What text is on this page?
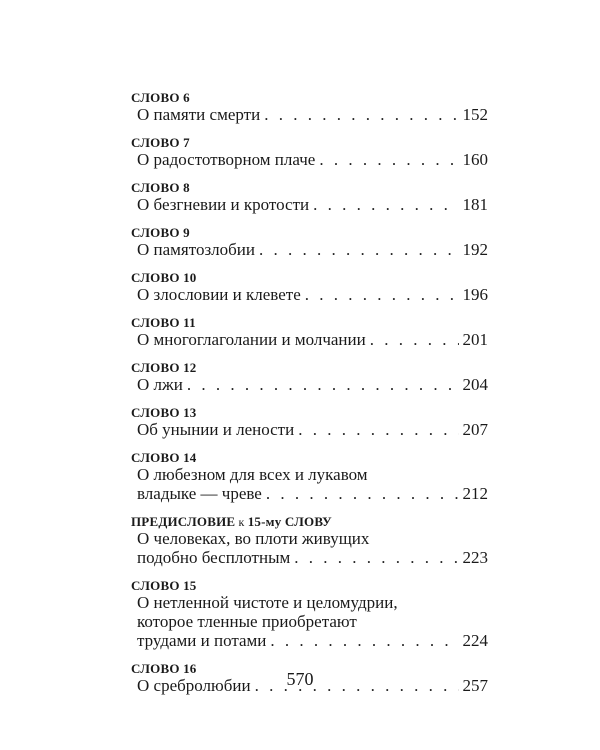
СЛОВО 6
О памяти смерти . . .	152
СЛОВО 7
О радостотворном плаче . . .	160
СЛОВО 8
О безгневии и кротости . . .	181
СЛОВО 9
О памятозлобии . . .	192
СЛОВО 10
О злословии и клевете . . .	196
СЛОВО 11
О многоглаголании и молчании . . .	201
СЛОВО 12
О лжи . . .	204
СЛОВО 13
Об унынии и лености . . .	207
СЛОВО 14
О любезном для всех и лукавом
владыке — чреве . . .	212
ПРЕДИСЛОВИЕ к 15-му СЛОВУ
О человеках, во плоти живущих
подобно бесплотным . . .	223
СЛОВО 15
О нетленной чистоте и целомудрии,
которое тленные приобретают
трудами и потами . . .	224
СЛОВО 16
О сребролюбии . . .	257
570
